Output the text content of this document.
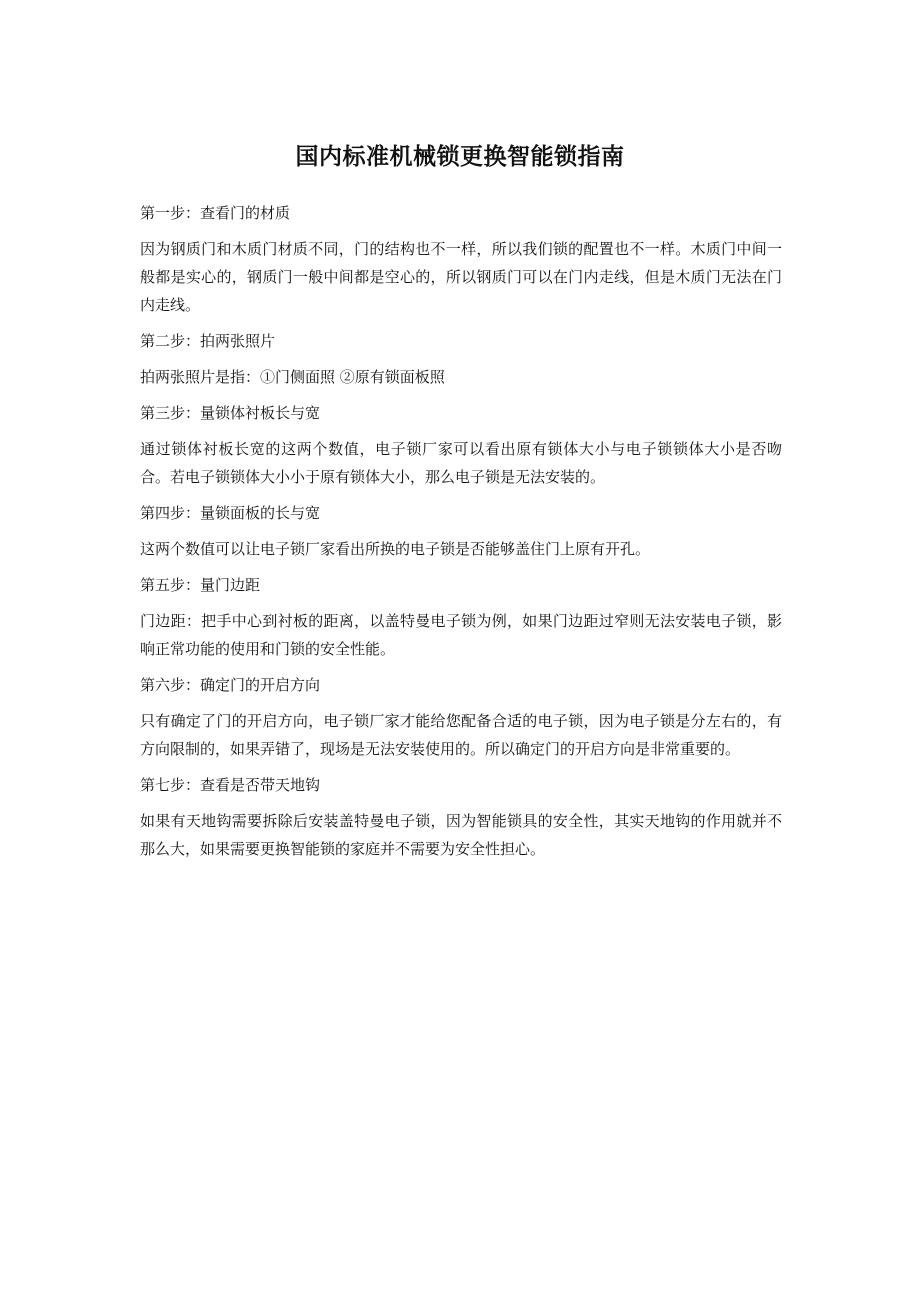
国内标准机械锁更换智能锁指南

第一步：查看门的材质

因为钢质门和木质门材质不同，门的结构也不一样，所以我们锁的配置也不一样。木质门中间一般都是实心的，钢质门一般中间都是空心的，所以钢质门可以在门内走线，但是木质门无法在门内走线。

第二步：拍两张照片

拍两张照片是指：①门侧面照 ②原有锁面板照

第三步：量锁体衬板长与宽

通过锁体衬板长宽的这两个数值，电子锁厂家可以看出原有锁体大小与电子锁锁体大小是否吻合。若电子锁锁体大小小于原有锁体大小，那么电子锁是无法安装的。

第四步：量锁面板的长与宽

这两个数值可以让电子锁厂家看出所换的电子锁是否能够盖住门上原有开孔。

第五步：量门边距

门边距：把手中心到衬板的距离，以盖特曼电子锁为例，如果门边距过窄则无法安装电子锁，影响正常功能的使用和门锁的安全性能。

第六步：确定门的开启方向

只有确定了门的开启方向，电子锁厂家才能给您配备合适的电子锁，因为电子锁是分左右的，有方向限制的，如果弄错了，现场是无法安装使用的。所以确定门的开启方向是非常重要的。

第七步：查看是否带天地钩

如果有天地钩需要拆除后安装盖特曼电子锁，因为智能锁具的安全性，其实天地钩的作用就并不那么大，如果需要更换智能锁的家庭并不需要为安全性担心。
